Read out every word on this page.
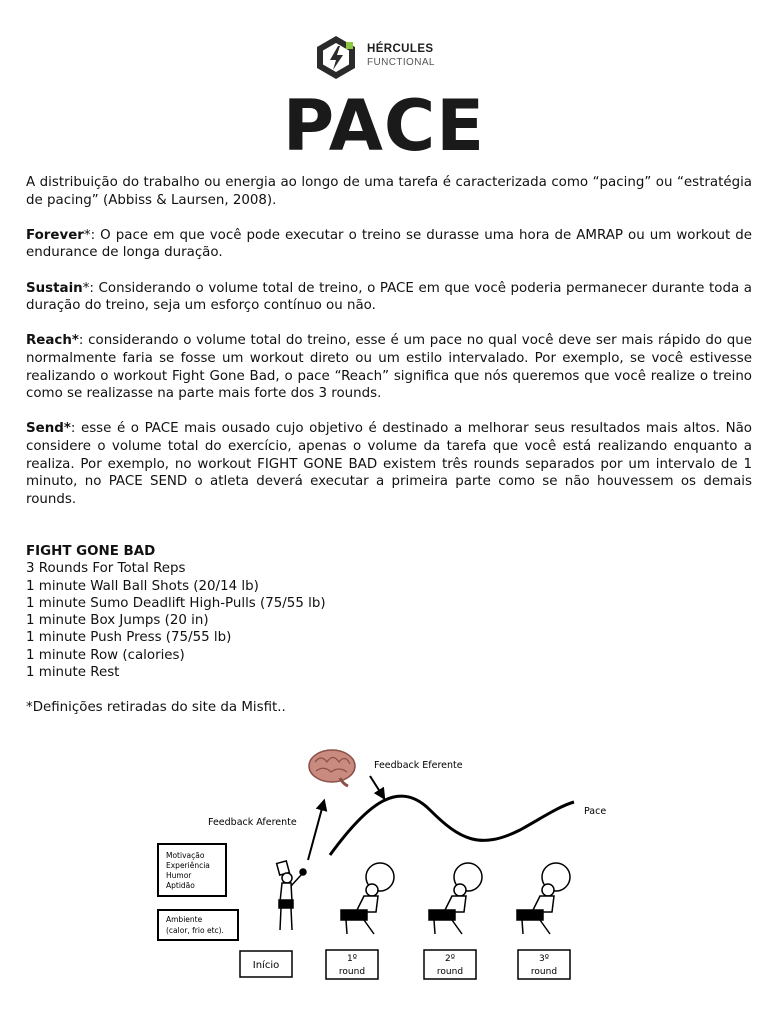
HÉRCULES
FUNCTIONAL
PACE

A distribuição do trabalho ou energia ao longo de uma tarefa é caracterizada como “pacing” ou “estratégia de pacing” (Abbiss & Laursen, 2008).

Forever*: O pace em que você pode executar o treino se durasse uma hora de AMRAP ou um workout de endurance de longa duração.

Sustain*: Considerando o volume total de treino, o PACE em que você poderia permanecer durante toda a duração do treino, seja um esforço contínuo ou não.

Reach*: considerando o volume total do treino, esse é um pace no qual você deve ser mais rápido do que normalmente faria se fosse um workout direto ou um estilo intervalado. Por exemplo, se você estivesse realizando o workout Fight Gone Bad, o pace “Reach” significa que nós queremos que você realize o treino como se realizasse na parte mais forte dos 3 rounds.

Send*: esse é o PACE mais ousado cujo objetivo é destinado a melhorar seus resultados mais altos. Não considere o volume total do exercício, apenas o volume da tarefa que você está realizando enquanto a realiza. Por exemplo, no workout FIGHT GONE BAD existem três rounds separados por um intervalo de 1 minuto, no PACE SEND o atleta deverá executar a primeira parte como se não houvessem os demais rounds.

FIGHT GONE BAD
3 Rounds For Total Reps
1 minute Wall Ball Shots (20/14 lb)
1 minute Sumo Deadlift High-Pulls (75/55 lb)
1 minute Box Jumps (20 in)
1 minute Push Press (75/55 lb)
1 minute Row (calories)
1 minute Rest
*Definições retiradas do site da Misfit..
Feedback Eferente
Feedback Aferente
Pace
Motivação
Experiência
Humor
Aptidão
Ambiente
(calor, frio etc).
Início
1º
round
2º
round
3º
round
